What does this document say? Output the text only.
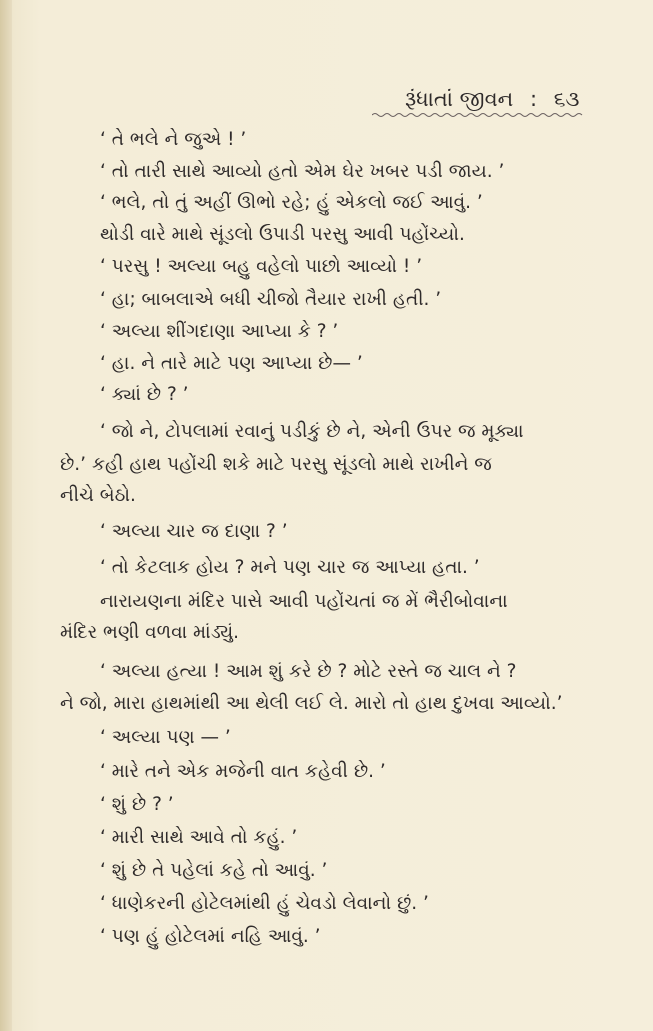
રૂંધાતાં જીવન : ૬૩
‘ તે ભલે ને જુએ ! ’
‘ તો તારી સાથે આવ્યો હતો એમ ઘેર ખબર પડી જાય. ’
‘ ભલે, તો તું અહીં ઊભો રહે; હું એકલો જઈ આવું. ’
થોડી વારે માથે સૂંડલો ઉપાડી પરસુ આવી પહોંચ્યો.
‘ પરસુ ! અલ્યા બહુ વહેલો પાછો આવ્યો ! ’
‘ હા; બાબલાએ બધી ચીજો તૈયાર રાખી હતી. ’
‘ અલ્યા શીંગદાણા આપ્યા કે ? ’
‘ હા. ને તારે માટે પણ આપ્યા છે— ’
‘ ક્યાં છે ? ’
‘ જો ને, ટોપલામાં રવાનું પડીકું છે ને, એની ઉપર જ મૂક્યા
છે.’ કહી હાથ પહોંચી શકે માટે પરસુ સૂંડલો માથે રાખીને જ
નીચે બેઠો.
‘ અલ્યા ચાર જ દાણા ? ’
‘ તો કેટલાક હોય ? મને પણ ચાર જ આપ્યા હતા. ’
નારાયણના મંદિર પાસે આવી પહોંચતાં જ મેં ભૈરીબોવાના
મંદિર ભણી વળવા માંડ્યું.
‘ અલ્યા હત્યા ! આમ શું કરે છે ? મોટે રસ્તે જ ચાલ ને ?
ને જો, મારા હાથમાંથી આ થેલી લઈ લે. મારો તો હાથ દુખવા આવ્યો.’
‘ અલ્યા પણ — ’
‘ મારે તને એક મજેની વાત કહેવી છે. ’
‘ શું છે ? ’
‘ મારી સાથે આવે તો કહું. ’
‘ શું છે તે પહેલાં કહે તો આવું. ’
‘ ધાણેકરની હોટેલમાંથી હું ચેવડો લેવાનો છું. ’
‘ પણ હું હોટેલમાં નહિ આવું. ’
